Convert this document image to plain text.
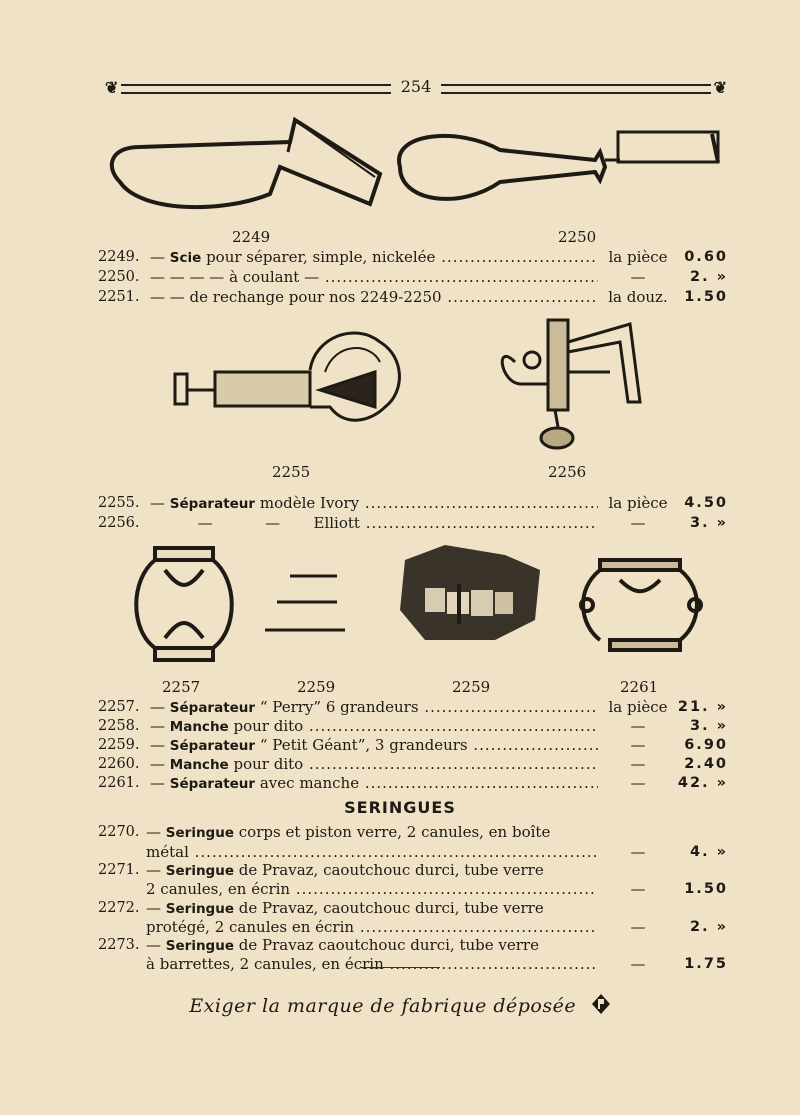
❦	254	❦
2249	2250
2249. — Scie pour séparer, simple, nickelée .....	la pièce	0.60
2250. — — — — à coulant — .....	—	2. »
2251. — — de rechange pour nos 2249-2250 .....	la douz.	1.50
2255	2256
2255. — Séparateur modèle Ivory .....	la pièce	4.50
2256. —           —       Elliott .....	—	3. »
2257	2259	2259	2261
2257. — Séparateur “ Perry” 6 grandeurs .....	la pièce 21. »
2258. — Manche pour dito .....	—	3. »
2259. — Séparateur “ Petit Géant”, 3 grandeurs .....	—	6.90
2260. — Manche pour dito .....	—	2.40
2261. — Séparateur avec manche .....	—	42. »
SERINGUES
2270. — Seringue corps et piston verre, 2 canules, en boîte
métal .....	—	4. »
2271. — Seringue de Pravaz, caoutchouc durci, tube verre
2 canules, en écrin .....	—	1.50
2272. — Seringue de Pravaz, caoutchouc durci, tube verre
protégé, 2 canules en écrin .....	—	2. »
2273. — Seringue de Pravaz caoutchouc durci, tube verre
à barrettes, 2 canules, en écrin .....	—	1.75
Exiger la marque de fabrique déposée
